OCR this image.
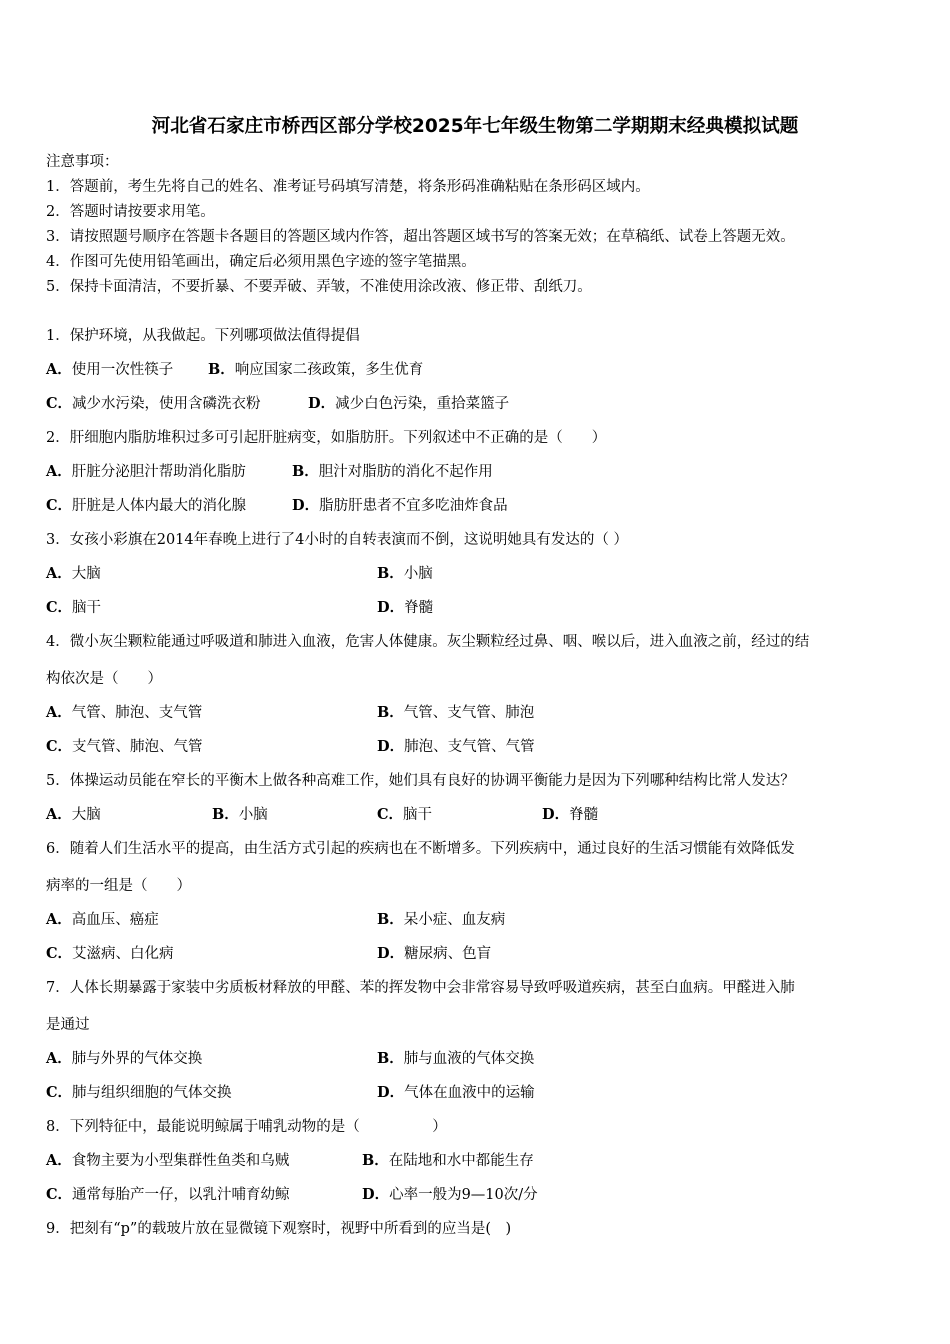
河北省石家庄市桥西区部分学校2025年七年级生物第二学期期末经典模拟试题
注意事项：
1．答题前，考生先将自己的姓名、准考证号码填写清楚，将条形码准确粘贴在条形码区域内。
2．答题时请按要求用笔。
3．请按照题号顺序在答题卡各题目的答题区域内作答，超出答题区域书写的答案无效；在草稿纸、试卷上答题无效。
4．作图可先使用铅笔画出，确定后必须用黑色字迹的签字笔描黑。
5．保持卡面清洁，不要折暴、不要弄破、弄皱，不准使用涂改液、修正带、刮纸刀。
1．保护环境，从我做起。下列哪项做法值得提倡
A．使用一次性筷子 B．响应国家二孩政策，多生优育
C．减少水污染，使用含磷洗衣粉	D．减少白色污染，重拾菜篮子
2．肝细胞内脂肪堆积过多可引起肝脏病变，如脂肪肝。下列叙述中不正确的是（　　）
A．肝脏分泌胆汁帮助消化脂肪	B．胆汁对脂肪的消化不起作用
C．肝脏是人体内最大的消化腺	D．脂肪肝患者不宜多吃油炸食品
3．女孩小彩旗在2014年春晚上进行了4小时的自转表演而不倒，这说明她具有发达的（ ）
A．大脑	B．小脑
C．脑干	D．脊髓
4．微小灰尘颗粒能通过呼吸道和肺进入血液，危害人体健康。灰尘颗粒经过鼻、咽、喉以后，进入血液之前，经过的结
构依次是（　　）
A．气管、肺泡、支气管	B．气管、支气管、肺泡
C．支气管、肺泡、气管	D．肺泡、支气管、气管
5．体操运动员能在窄长的平衡木上做各种高难工作，她们具有良好的协调平衡能力是因为下列哪种结构比常人发达？
A．大脑	B．小脑	C．脑干	D．脊髓
6．随着人们生活水平的提高，由生活方式引起的疾病也在不断增多。下列疾病中，通过良好的生活习惯能有效降低发
病率的一组是（　　）
A．高血压、癌症	B．呆小症、血友病
C．艾滋病、白化病	D．糖尿病、色盲
7．人体长期暴露于家装中劣质板材释放的甲醛、苯的挥发物中会非常容易导致呼吸道疾病，甚至白血病。甲醛进入肺
是通过
A．肺与外界的气体交换	B．肺与血液的气体交换
C．肺与组织细胞的气体交换	D．气体在血液中的运输
8．下列特征中，最能说明鲸属于哺乳动物的是（　　　　　）
A．食物主要为小型集群性鱼类和乌贼	B．在陆地和水中都能生存
C．通常每胎产一仔，以乳汁哺育幼鲸	D．心率一般为9—10次/分
9．把刻有“p”的载玻片放在显微镜下观察时，视野中所看到的应当是(　)
